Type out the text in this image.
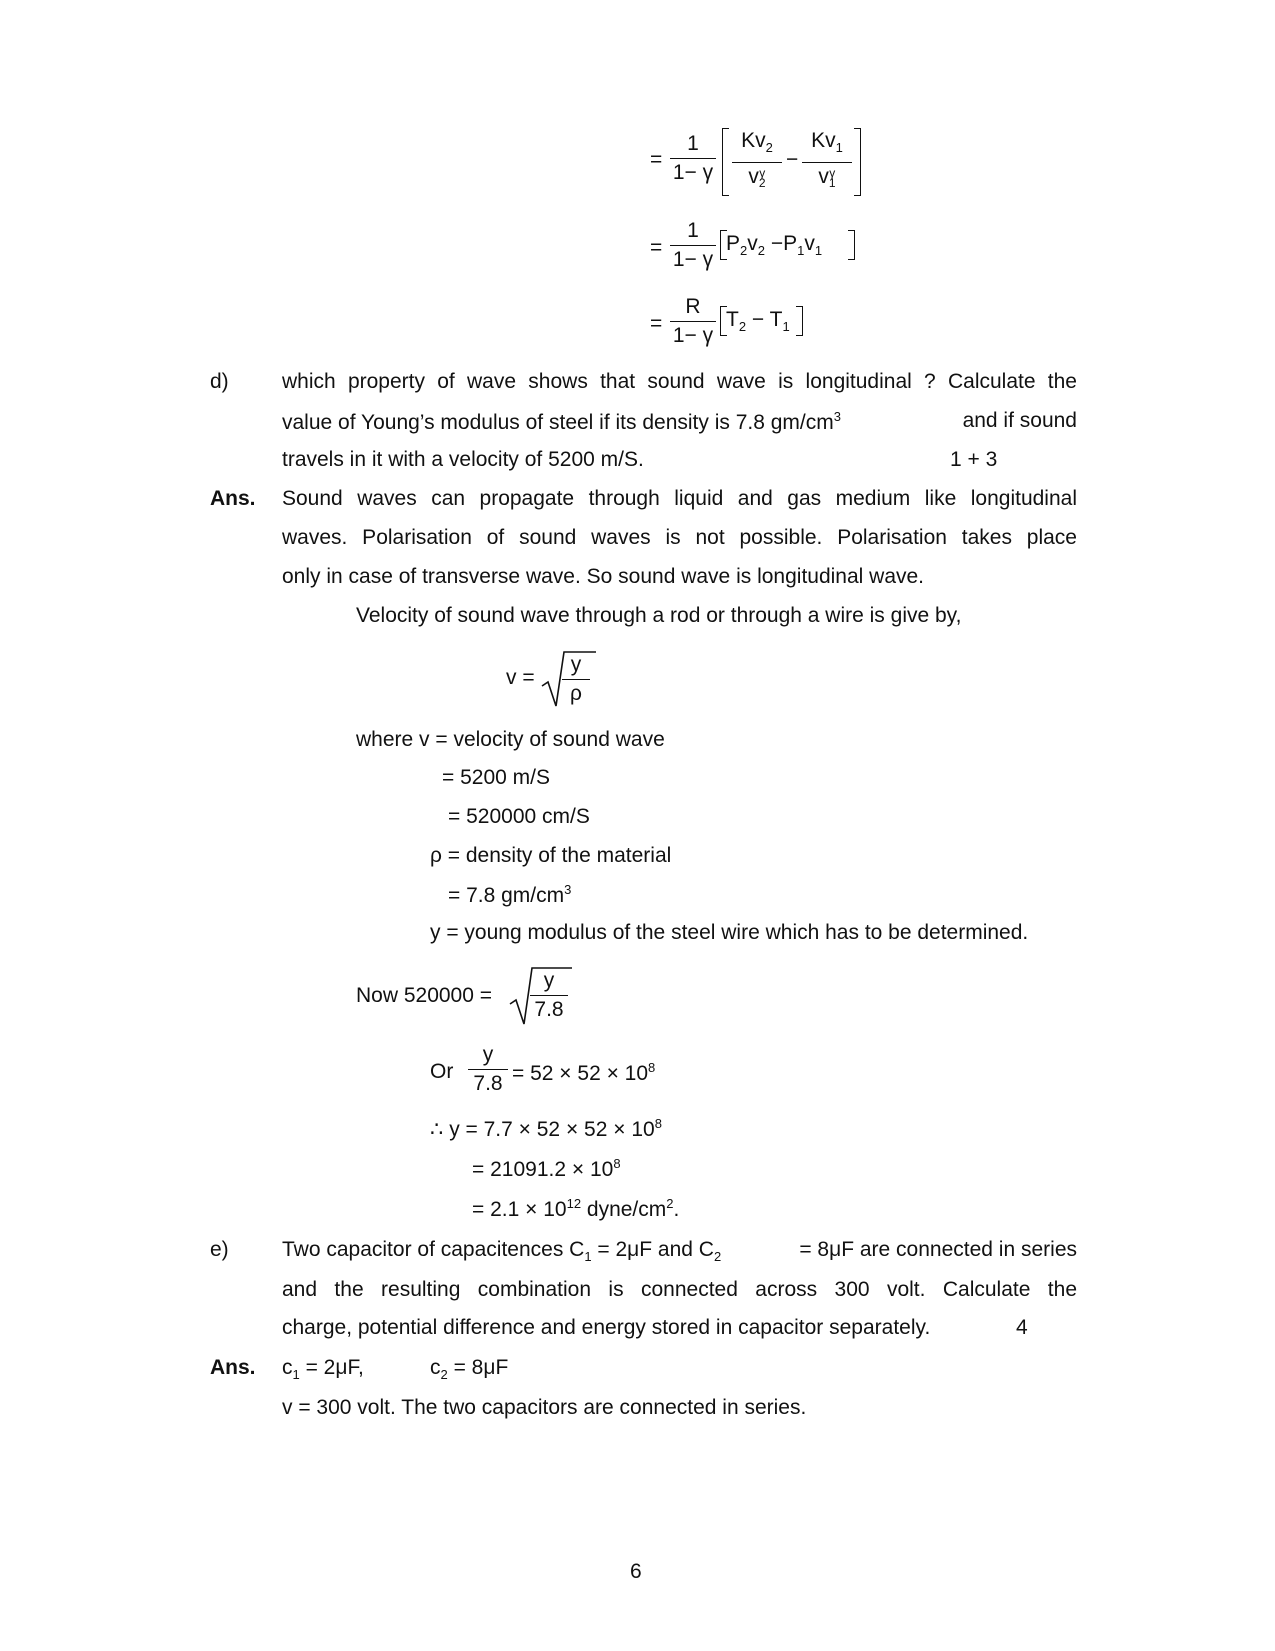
=
1
1− γ
$Kv_2$
v γ
2
−
$Kv_1$
v γ
1
=
1
1− γ
$P_2v_2 -P_1v_1$
=
R
1− γ
$T_2 - T_1$
d)	which property of wave shows that sound wave is longitudinal ? Calculate the
value of Young’s modulus of steel if its density is 7.8 $gm/cm^3$	and if sound
travels in it with a velocity of 5200 m/S.	1 + 3
Ans. Sound waves can propagate through liquid and gas medium like longitudinal
waves. Polarisation of sound waves is not possible. Polarisation takes place
only in case of transverse wave. So sound wave is longitudinal wave.
Velocity of sound wave through a rod or through a wire is give by,
v =
y
ρ
where v = velocity of sound wave
= 5200 m/S
= 520000 cm/S
ρ = density of the material
= 7.8 $gm/cm^3$
y = young modulus of the steel wire which has to be determined.
Now 520000 =
y
7.8
Or
y
$7.8 = 52 \times 52 \times 10^8$
∴ $y = 7.7 \times 52 \times 52 \times 10^8$
= $21091.2 \times 10^8$
= $2.1 \times 10^{12}$ dyne/$cm^2$.
e)	Two capacitor of capacitences $C_1 = 2\mu F$ and $C_2$	= 8μF are connected in series
and the resulting combination is connected across 300 volt. Calculate the
charge, potential difference and energy stored in capacitor separately.	4
Ans. $c_1 = 2\mu F$,	$c_2 = 8\mu F$
v = 300 volt. The two capacitors are connected in series.
6
